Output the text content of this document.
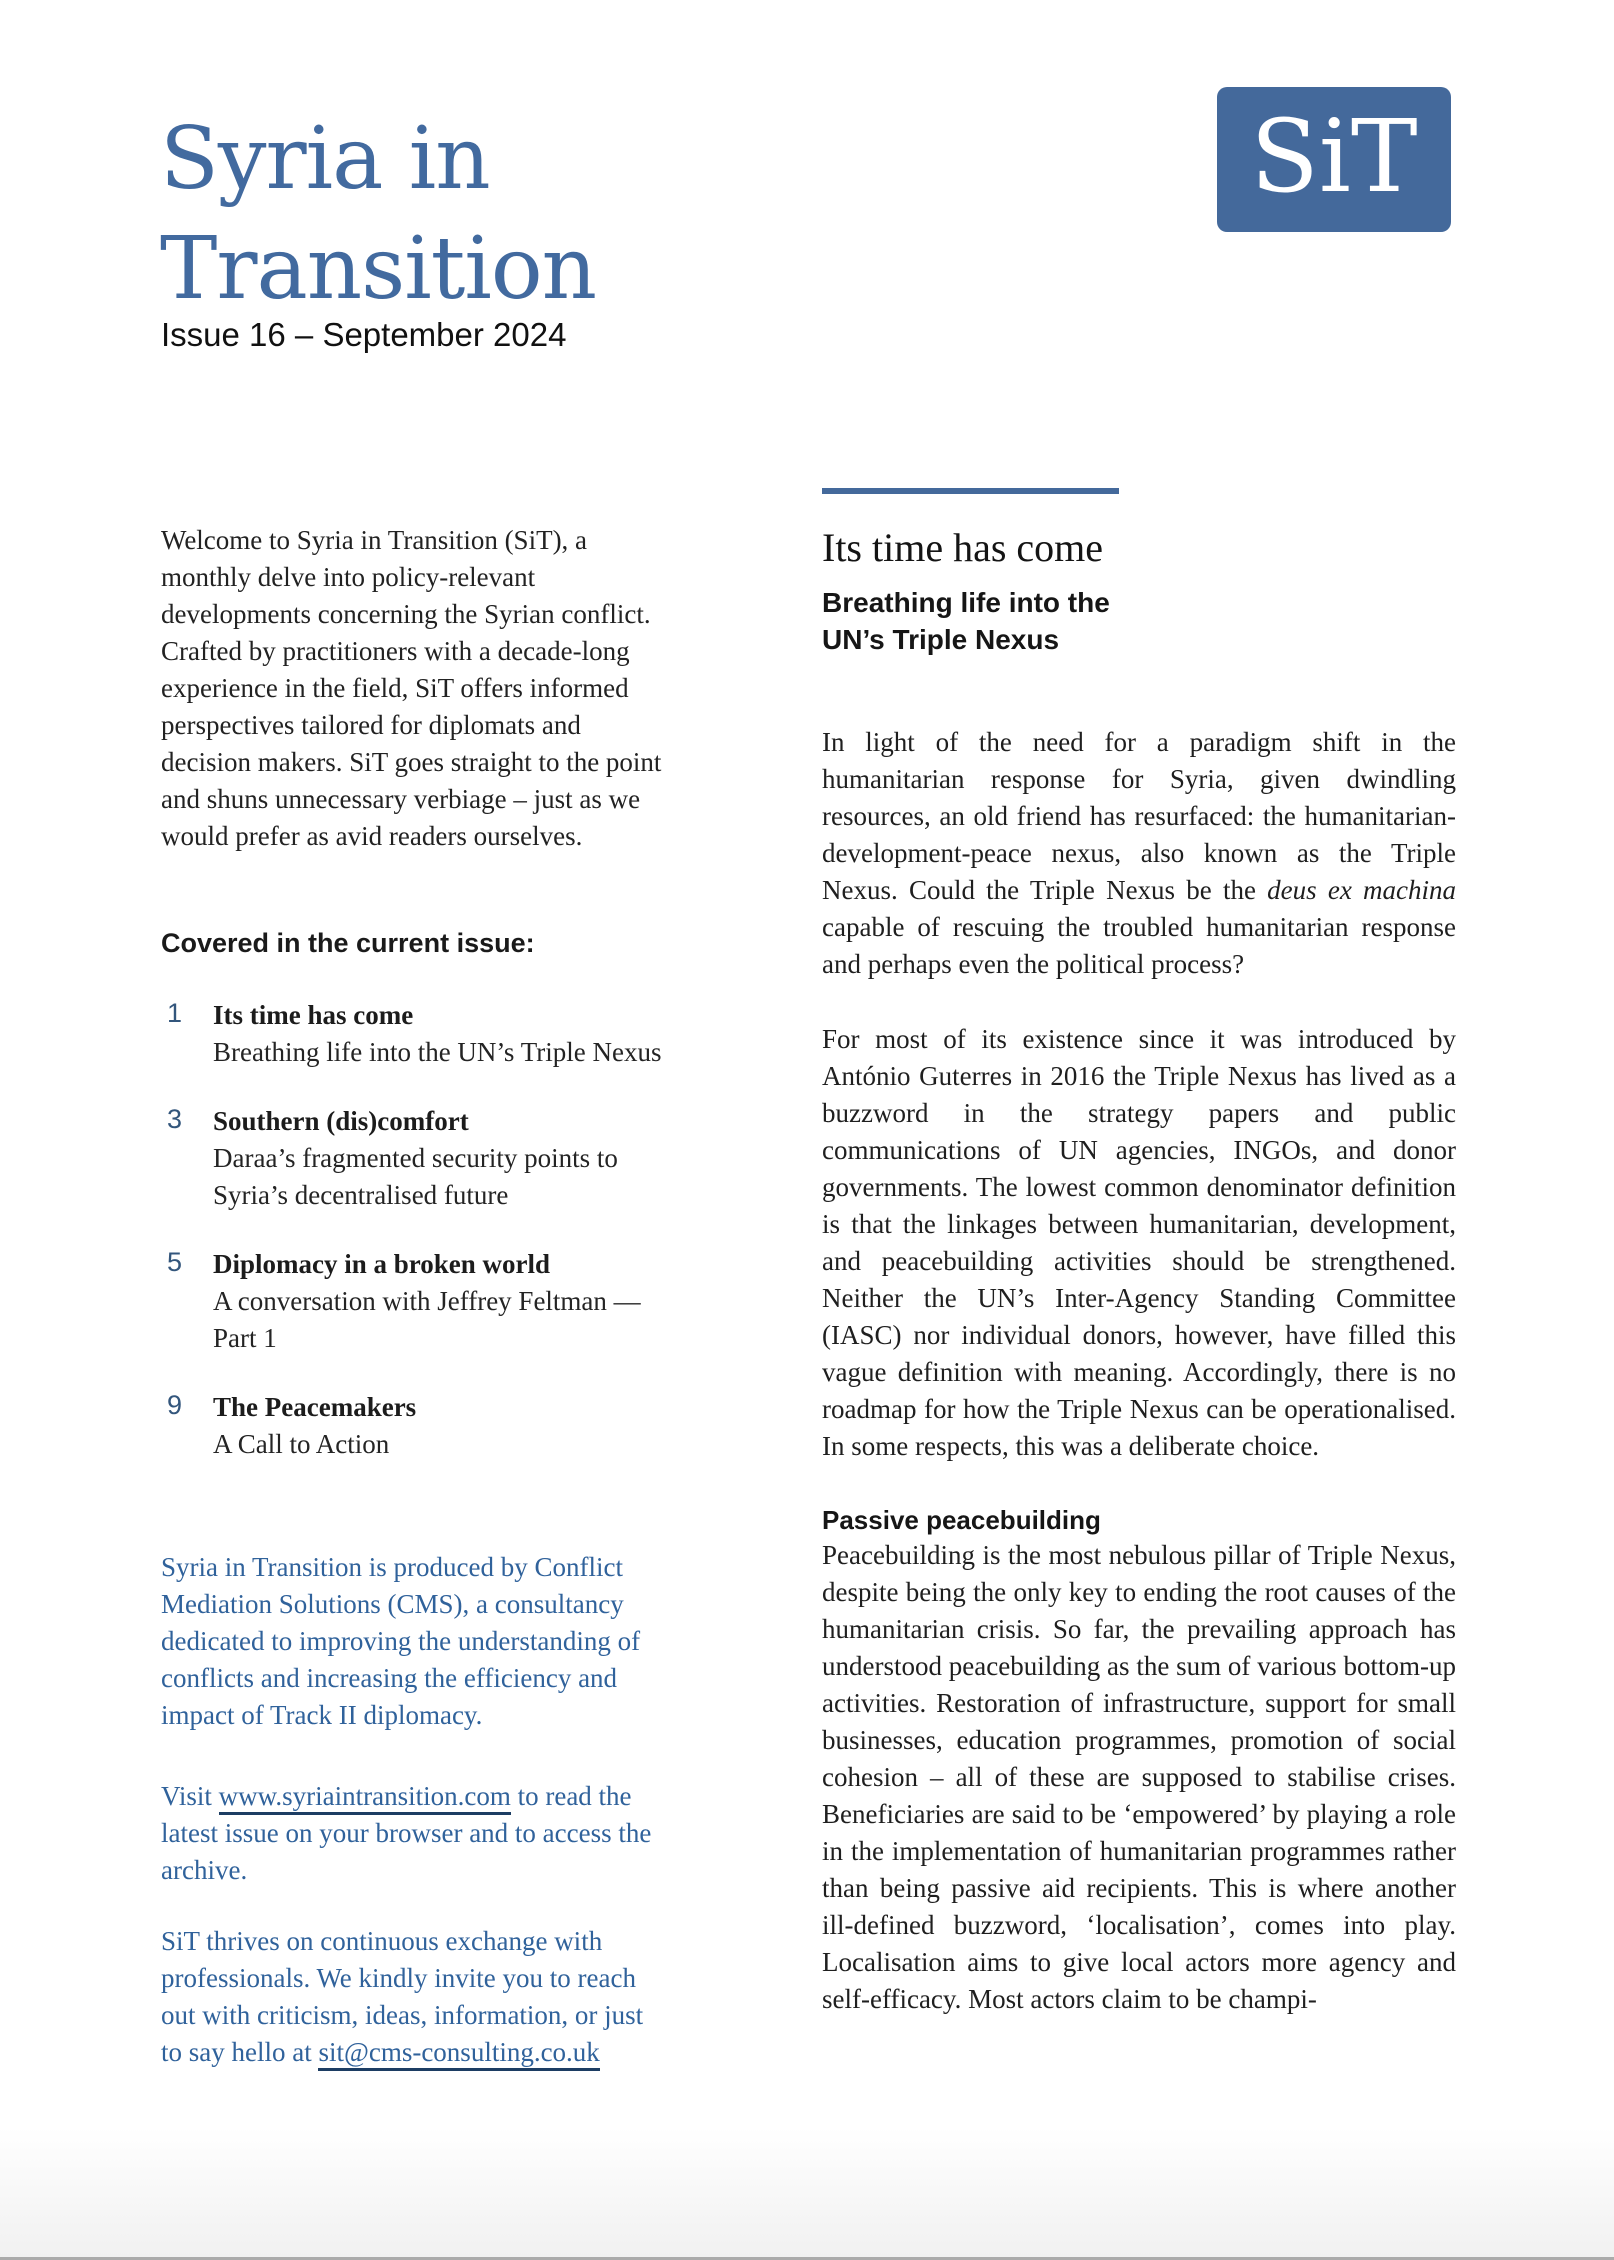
Syria in
Transition
SiT
Issue 16 – September 2024

Welcome to Syria in Transition (SiT), a monthly delve into policy-relevant developments concerning the Syrian conflict. Crafted by practitioners with a decade-long experience in the field, SiT offers informed perspectives tailored for diplomats and decision makers. SiT goes straight to the point and shuns unnecessary verbiage – just as we would prefer as avid readers ourselves.

Covered in the current issue:
1 Its time has come
Breathing life into the UN’s Triple Nexus
3 Southern (dis)comfort
Daraa’s fragmented security points to Syria’s decentralised future
5 Diplomacy in a broken world
A conversation with Jeffrey Feltman — Part 1
9 The Peacemakers
A Call to Action

Syria in Transition is produced by Conflict Mediation Solutions (CMS), a consultancy dedicated to improving the understanding of conflicts and increasing the efficiency and impact of Track II diplomacy.

Visit www.syriaintransition.com to read the latest issue on your browser and to access the archive.

SiT thrives on continuous exchange with professionals. We kindly invite you to reach out with criticism, ideas, information, or just to say hello at sit@cms-consulting.co.uk

Its time has come
Breathing life into the UN’s Triple Nexus

In light of the need for a paradigm shift in the humanitarian response for Syria, given dwindling resources, an old friend has resurfaced: the humanitarian-development-peace nexus, also known as the Triple Nexus. Could the Triple Nexus be the deus ex machina capable of rescuing the troubled humanitarian response and perhaps even the political process?

For most of its existence since it was introduced by António Guterres in 2016 the Triple Nexus has lived as a buzzword in the strategy papers and public communications of UN agencies, INGOs, and donor governments. The lowest common denominator definition is that the linkages between humanitarian, development, and peacebuilding activities should be strengthened. Neither the UN’s Inter-Agency Standing Committee (IASC) nor individual donors, however, have filled this vague definition with meaning. Accordingly, there is no roadmap for how the Triple Nexus can be operationalised. In some respects, this was a deliberate choice.

Passive peacebuilding

Peacebuilding is the most nebulous pillar of Triple Nexus, despite being the only key to ending the root causes of the humanitarian crisis. So far, the prevailing approach has understood peacebuilding as the sum of various bottom-up activities. Restoration of infrastructure, support for small businesses, education programmes, promotion of social cohesion – all of these are supposed to stabilise crises. Beneficiaries are said to be ‘empowered’ by playing a role in the implementation of humanitarian programmes rather than being passive aid recipients. This is where another ill-defined buzzword, ‘localisation’, comes into play. Localisation aims to give local actors more agency and self-efficacy. Most actors claim to be champi-
